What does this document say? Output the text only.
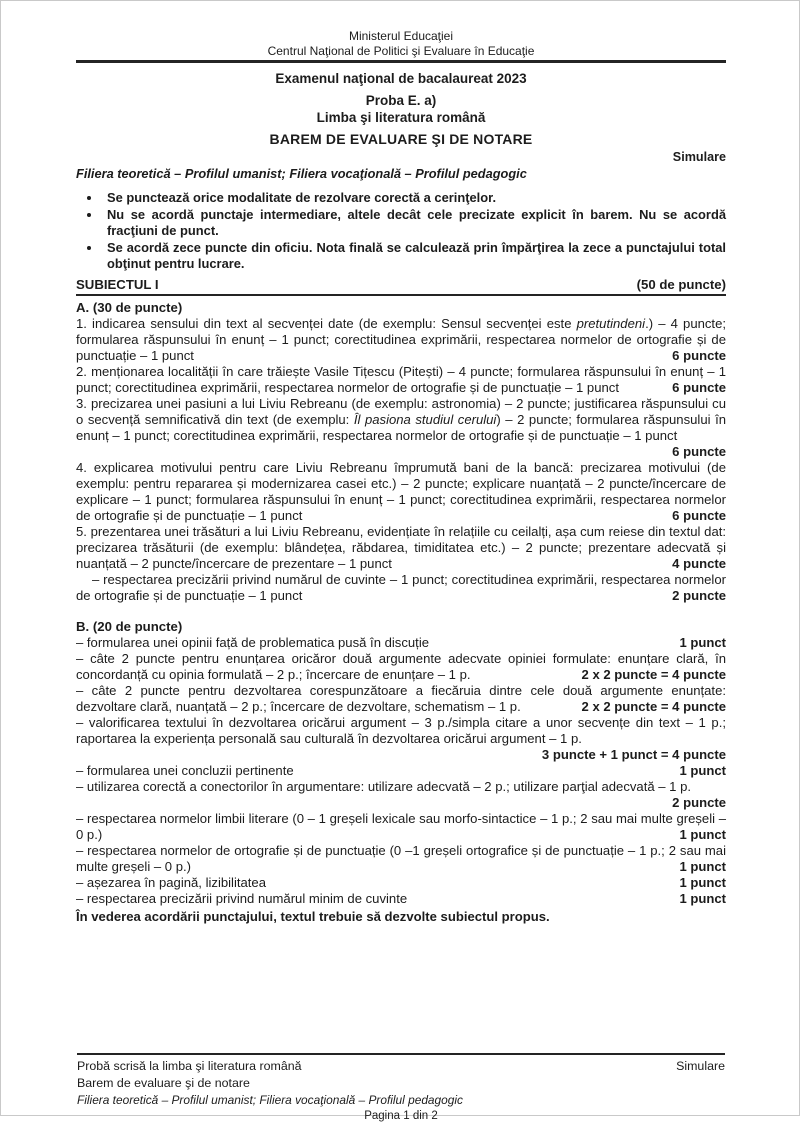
Ministerul Educaţiei
Centrul Naţional de Politici şi Evaluare în Educaţie
Examenul naţional de bacalaureat 2023
Proba E. a)
Limba şi literatura română
BAREM DE EVALUARE ŞI DE NOTARE
Simulare
Filiera teoretică – Profilul umanist; Filiera vocaţională – Profilul pedagogic
• Se punctează orice modalitate de rezolvare corectă a cerinţelor.
• Nu se acordă punctaje intermediare, altele decât cele precizate explicit în barem. Nu se acordă fracţiuni de punct.
• Se acordă zece puncte din oficiu. Nota finală se calculează prin împărţirea la zece a punctajului total obţinut pentru lucrare.
SUBIECTUL I	(50 de puncte)

A. (30 de puncte)

1. indicarea sensului din text al secvenței date (de exemplu: Sensul secvenței este pretutindeni.) – 4 puncte; formularea răspunsului în enunț – 1 punct; corectitudinea exprimării, respectarea normelor de ortografie și de punctuație – 1 punct	6 puncte

2. menționarea localității în care trăiește Vasile Tițescu (Pitești) – 4 puncte; formularea răspunsului în enunț – 1 punct; corectitudinea exprimării, respectarea normelor de ortografie și de punctuație – 1 punct	6 puncte

3. precizarea unei pasiuni a lui Liviu Rebreanu (de exemplu: astronomia) – 2 puncte; justificarea răspunsului cu o secvență semnificativă din text (de exemplu: Îl pasiona studiul cerului) – 2 puncte; formularea răspunsului în enunț – 1 punct; corectitudinea exprimării, respectarea normelor de ortografie și de punctuație – 1 punct
6 puncte

4. explicarea motivului pentru care Liviu Rebreanu împrumută bani de la bancă: precizarea motivului (de exemplu: pentru repararea și modernizarea casei etc.) – 2 puncte; explicare nuanțată – 2 puncte/încercare de explicare – 1 punct; formularea răspunsului în enunț – 1 punct; corectitudinea exprimării, respectarea normelor de ortografie și de punctuație – 1 punct	6 puncte

5. prezentarea unei trăsături a lui Liviu Rebreanu, evidențiate în relațiile cu ceilalți, așa cum reiese din textul dat: precizarea trăsăturii (de exemplu: blândețea, răbdarea, timiditatea etc.) – 2 puncte; prezentare adecvată și nuanțată – 2 puncte/încercare de prezentare – 1 punct	4 puncte

– respectarea precizării privind numărul de cuvinte – 1 punct; corectitudinea exprimării, respectarea normelor de ortografie și de punctuație – 1 punct	2 puncte

B. (20 de puncte)

– formularea unei opinii față de problematica pusă în discuție	1 punct

– câte 2 puncte pentru enunțarea oricăror două argumente adecvate opiniei formulate: enunțare clară, în concordanță cu opinia formulată – 2 p.; încercare de enunțare – 1 p.	2 x 2 puncte = 4 puncte

– câte 2 puncte pentru dezvoltarea corespunzătoare a fiecăruia dintre cele două argumente enunțate: dezvoltare clară, nuanțată – 2 p.; încercare de dezvoltare, schematism – 1 p.	2 x 2 puncte = 4 puncte

– valorificarea textului în dezvoltarea oricărui argument – 3 p./simpla citare a unor secvențe din text – 1 p.; raportarea la experiența personală sau culturală în dezvoltarea oricărui argument – 1 p.
3 puncte + 1 punct = 4 puncte

– formularea unei concluzii pertinente	1 punct

– utilizarea corectă a conectorilor în argumentare: utilizare adecvată – 2 p.; utilizare parţial adecvată – 1 p.
2 puncte

– respectarea normelor limbii literare (0 – 1 greșeli lexicale sau morfo-sintactice – 1 p.; 2 sau mai multe greșeli – 0 p.)	1 punct

– respectarea normelor de ortografie și de punctuație (0 –1 greșeli ortografice și de punctuație – 1 p.; 2 sau mai multe greșeli – 0 p.)	1 punct

– așezarea în pagină, lizibilitatea	1 punct

– respectarea precizării privind numărul minim de cuvinte	1 punct

În vederea acordării punctajului, textul trebuie să dezvolte subiectul propus.

Probă scrisă la limba şi literatura română	Simulare
Barem de evaluare şi de notare
Filiera teoretică – Profilul umanist; Filiera vocaţională – Profilul pedagogic
Pagina 1 din 2
